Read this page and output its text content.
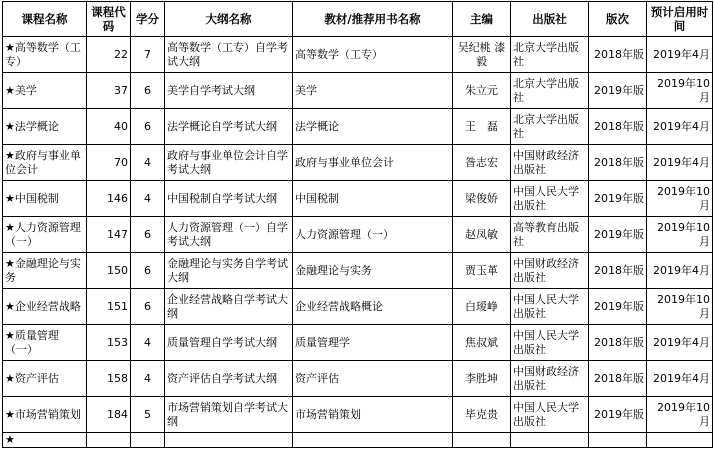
课程名称	课程代码	学分	大纲名称	教材/推荐用书名称	主编	出版社	版次	预计启用时间
★高等数学（工专）	22	7	高等数学（工专）自学考试大纲	高等数学（工专）	吴纪桃 漆毅	北京大学出版社	2018年版	2019年4月
★美学	37	6	美学自学考试大纲	美学	朱立元	北京大学出版社	2019年版	2019年10月
★法学概论	40	6	法学概论自学考试大纲	法学概论	王　磊	北京大学出版社	2018年版	2019年4月
★政府与事业单位会计	70	4	政府与事业单位会计自学考试大纲	政府与事业单位会计	昝志宏	中国财政经济出版社	2018年版	2019年4月
★中国税制	146	4	中国税制自学考试大纲	中国税制	梁俊娇	中国人民大学出版社	2019年版	2019年10月
★人力资源管理（一）	147	6	人力资源管理（一）自学考试大纲	人力资源管理（一）	赵凤敏	高等教育出版社	2019年版	2019年10月
★金融理论与实务	150	6	金融理论与实务自学考试大纲	金融理论与实务	贾玉革	中国财政经济出版社	2018年版	2019年4月
★企业经营战略	151	6	企业经营战略自学考试大纲	企业经营战略概论	白瑷峥	中国人民大学出版社	2019年版	2019年10月
★质量管理（一）	153	4	质量管理自学考试大纲	质量管理学	焦叔斌	中国人民大学出版社	2018年版	2019年4月
★资产评估	158	4	资产评估自学考试大纲	资产评估	李胜坤	中国财政经济出版社	2018年版	2019年4月
★市场营销策划	184	5	市场营销策划自学考试大纲	市场营销策划	毕克贵	中国人民大学出版社	2019年版	2019年10月
★								
